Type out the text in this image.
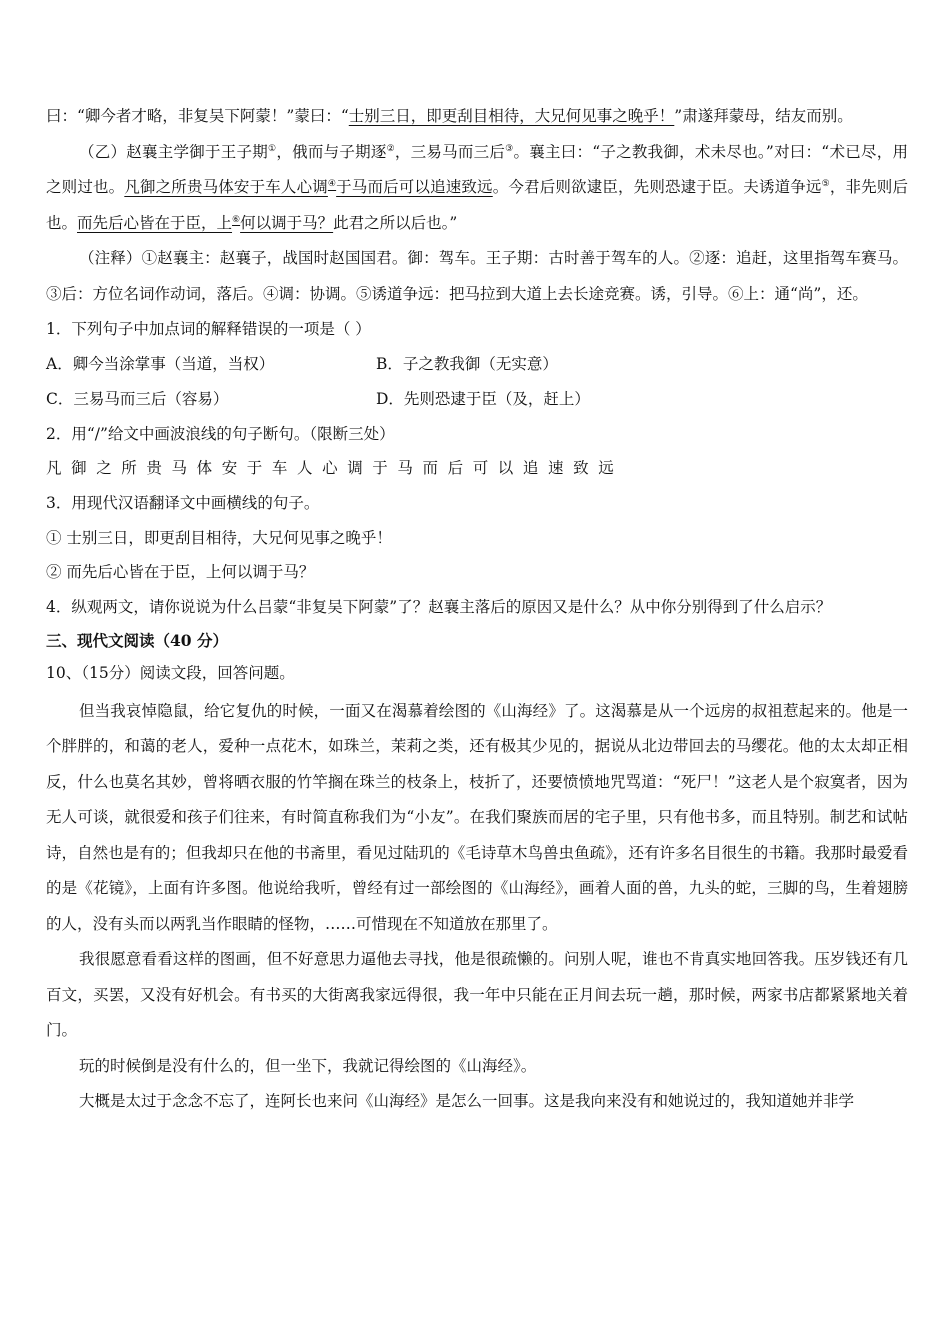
曰：“卿今者才略，非复吴下阿蒙！”蒙曰：“士别三日，即更刮目相待，大兄何见事之晚乎！”肃遂拜蒙母，结友而别。

（乙）赵襄主学御于王子期①，俄而与子期逐②，三易马而三后③。襄主曰：“子之教我御，术未尽也。”对曰：“术已尽，用之则过也。凡御之所贵马体安于车人心调④于马而后可以追速致远。今君后则欲逮臣，先则恐逮于臣。夫诱道争远⑤，非先则后也。而先后心皆在于臣，上⑥何以调于马？此君之所以后也。”

（注释）①赵襄主：赵襄子，战国时赵国国君。御：驾车。王子期：古时善于驾车的人。②逐：追赶，这里指驾车赛马。③后：方位名词作动词，落后。④调：协调。⑤诱道争远：把马拉到大道上去长途竞赛。诱，引导。⑥上：通“尚”，还。

1．下列句子中加点词的解释错误的一项是（ ）

A．卿今当涂掌事（当道，当权）	B．子之教我御（无实意）
C．三易马而三后（容易）	D．先则恐逮于臣（及，赶上）

2．用“/”给文中画波浪线的句子断句。（限断三处）

凡御之所贵马体安于车人心调于马而后可以追速致远

3．用现代汉语翻译文中画横线的句子。

① 士别三日，即更刮目相待，大兄何见事之晚乎！

② 而先后心皆在于臣，上何以调于马？

4．纵观两文，请你说说为什么吕蒙“非复吴下阿蒙”了？赵襄主落后的原因又是什么？从中你分别得到了什么启示？

三、现代文阅读（40 分）

10、（15分）阅读文段，回答问题。

但当我哀悼隐鼠，给它复仇的时候，一面又在渴慕着绘图的《山海经》了。这渴慕是从一个远房的叔祖惹起来的。他是一个胖胖的，和蔼的老人，爱种一点花木，如珠兰，茉莉之类，还有极其少见的，据说从北边带回去的马缨花。他的太太却正相反，什么也莫名其妙，曾将晒衣服的竹竿搁在珠兰的枝条上，枝折了，还要愤愤地咒骂道：“死尸！”这老人是个寂寞者，因为无人可谈，就很爱和孩子们往来，有时简直称我们为“小友”。在我们聚族而居的宅子里，只有他书多，而且特别。制艺和试帖诗，自然也是有的；但我却只在他的书斋里，看见过陆玑的《毛诗草木鸟兽虫鱼疏》，还有许多名目很生的书籍。我那时最爱看的是《花镜》，上面有许多图。他说给我听，曾经有过一部绘图的《山海经》，画着人面的兽，九头的蛇，三脚的鸟，生着翅膀的人，没有头而以两乳当作眼睛的怪物，……可惜现在不知道放在那里了。

我很愿意看看这样的图画，但不好意思力逼他去寻找，他是很疏懒的。问别人呢，谁也不肯真实地回答我。压岁钱还有几百文，买罢，又没有好机会。有书买的大街离我家远得很，我一年中只能在正月间去玩一趟，那时候，两家书店都紧紧地关着门。

玩的时候倒是没有什么的，但一坐下，我就记得绘图的《山海经》。

大概是太过于念念不忘了，连阿长也来问《山海经》是怎么一回事。这是我向来没有和她说过的，我知道她并非学
